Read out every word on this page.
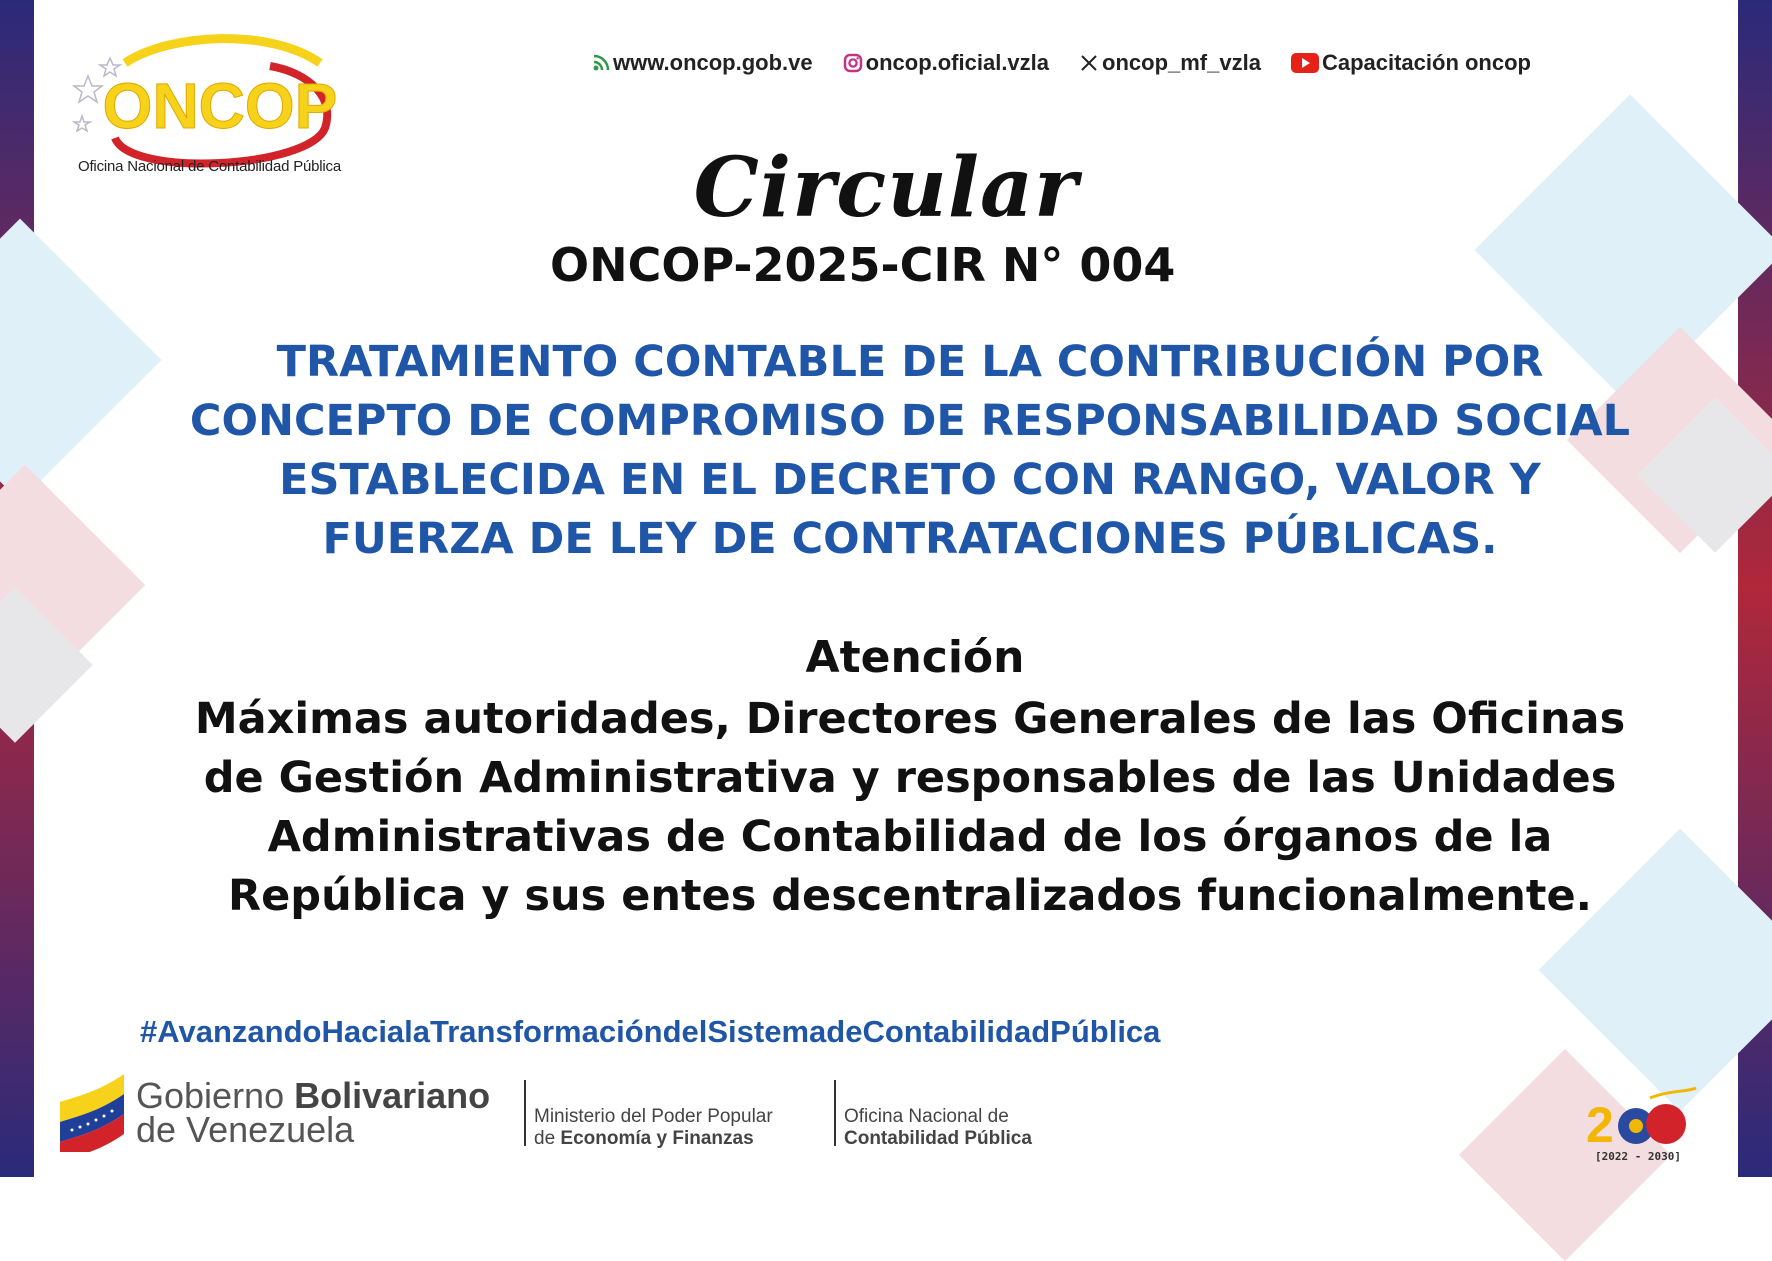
ONCOP
Oficina Nacional de Contabilidad Pública
www.oncop.gob.ve oncop.oficial.vzla oncop_mf_vzla	Capacitación oncop
Circular
ONCOP-2025-CIR N° 004
TRATAMIENTO CONTABLE DE LA CONTRIBUCIÓN POR CONCEPTO DE COMPROMISO DE RESPONSABILIDAD SOCIAL ESTABLECIDA EN EL DECRETO CON RANGO, VALOR Y FUERZA DE LEY DE CONTRATACIONES PÚBLICAS.
Atención
Máximas autoridades, Directores Generales de las Oficinas de Gestión Administrativa y responsables de las Unidades Administrativas de Contabilidad de los órganos de la República y sus entes descentralizados funcionalmente.
#AvanzandoHacialaTransformacióndelSistemadeContabilidadPública
Gobierno Bolivariano
de Venezuela	Ministerio del Poder Popular
de Economía y Finanzas
Oficina Nacional de
Contabilidad Pública	2
[2022 - 2030]
